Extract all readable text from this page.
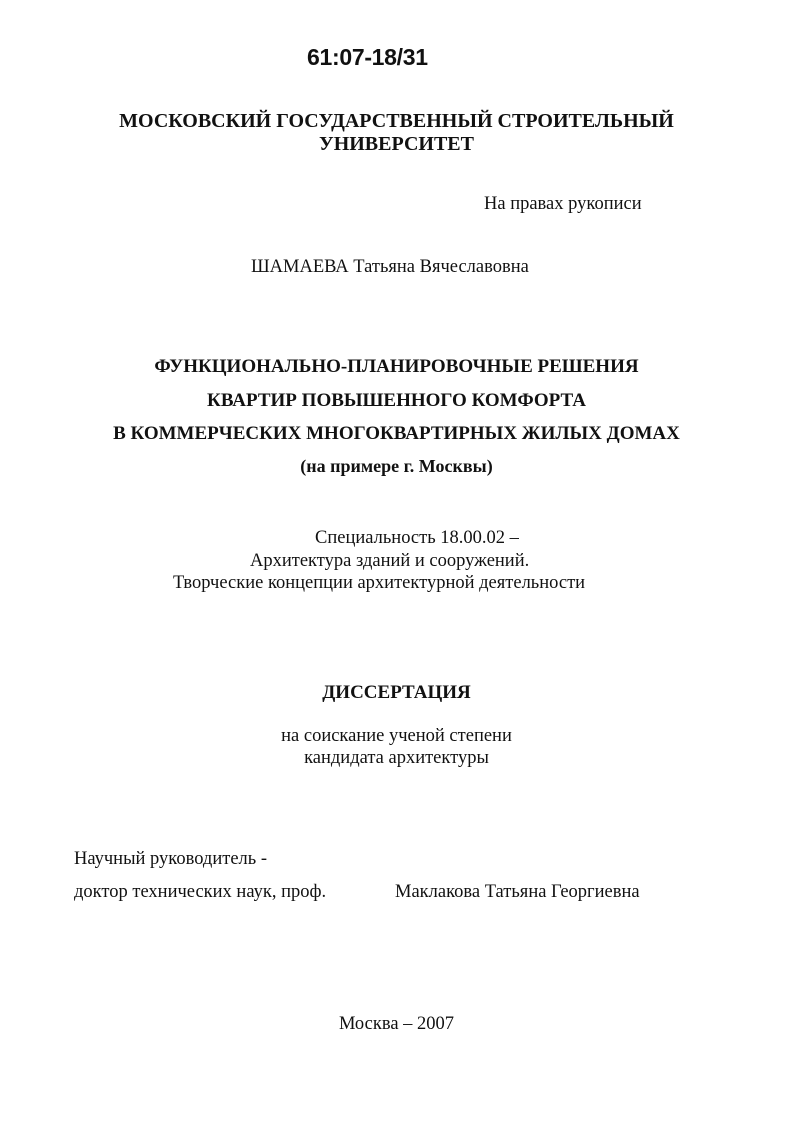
61:07-18/31
МОСКОВСКИЙ ГОСУДАРСТВЕННЫЙ СТРОИТЕЛЬНЫЙ
УНИВЕРСИТЕТ
На правах рукописи
ШАМАЕВА Татьяна Вячеславовна
ФУНКЦИОНАЛЬНО-ПЛАНИРОВОЧНЫЕ РЕШЕНИЯ
КВАРТИР ПОВЫШЕННОГО КОМФОРТА
В КОММЕРЧЕСКИХ МНОГОКВАРТИРНЫХ ЖИЛЫХ ДОМАХ
(на примере г. Москвы)
Специальность 18.00.02 –
Архитектура зданий и сооружений.
Творческие концепции архитектурной деятельности
ДИССЕРТАЦИЯ
на соискание ученой степени
кандидата архитектуры
Научный руководитель -
доктор технических наук, проф.	Маклакова Татьяна Георгиевна
Москва – 2007
